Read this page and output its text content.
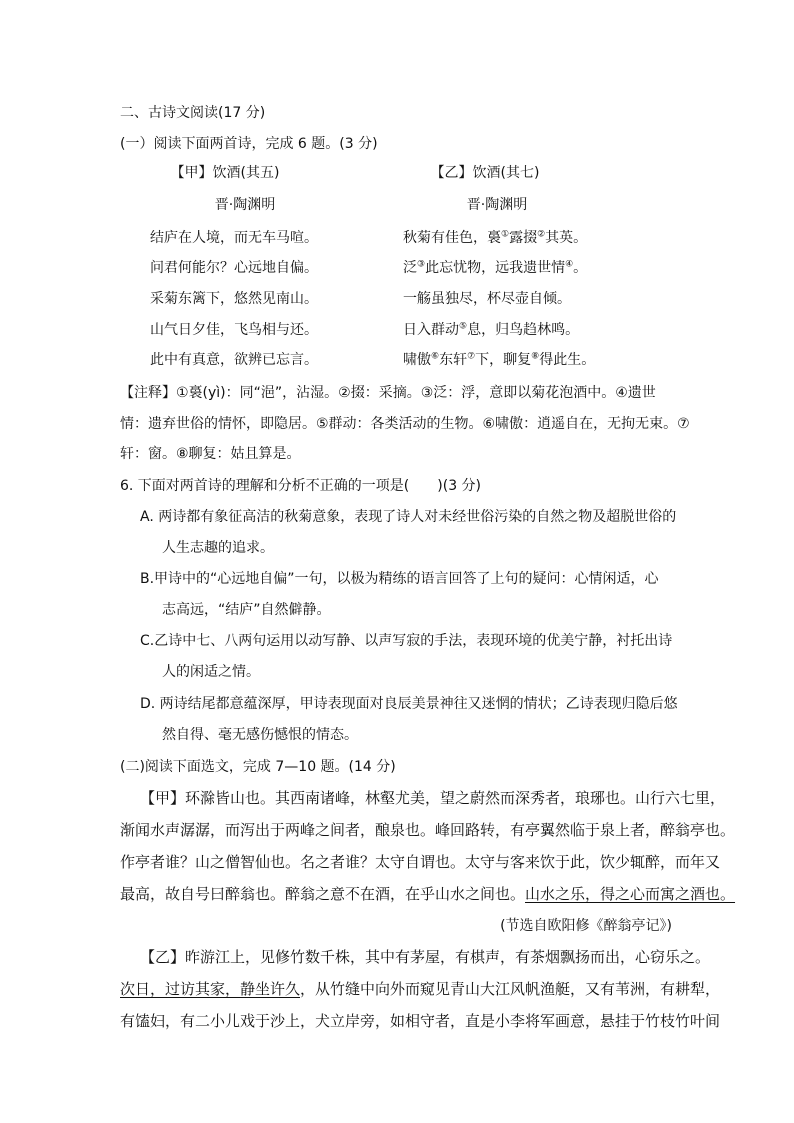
二、古诗文阅读(17 分)
(一）阅读下面两首诗，完成 6 题。(3 分)
【甲】饮酒(其五)
晋·陶渊明
结庐在人境，而无车马喧。
问君何能尔？心远地自偏。
采菊东篱下，悠然见南山。
山气日夕佳，飞鸟相与还。
此中有真意，欲辨已忘言。
【乙】饮酒(其七)
晋·陶渊明
秋菊有佳色，裛①露掇②其英。
泛③此忘忧物，远我遗世情④。
一觞虽独尽，杯尽壶自倾。
日入群动⑤息，归鸟趋林鸣。
啸傲⑥东轩⑦下，聊复⑧得此生。
【注释】①裛(yì)：同“浥”，沾湿。②掇：采摘。③泛：浮，意即以菊花泡酒中。④遗世
情：遗弃世俗的情怀，即隐居。⑤群动：各类活动的生物。⑥啸傲：逍遥自在，无拘无束。⑦
轩：窗。⑧聊复：姑且算是。
6. 下面对两首诗的理解和分析不正确的一项是(　　)(3 分)
A. 两诗都有象征高洁的秋菊意象，表现了诗人对未经世俗污染的自然之物及超脱世俗的
人生志趣的追求。
B.甲诗中的“心远地自偏”一句，以极为精练的语言回答了上句的疑问：心情闲适，心
志高远，“结庐”自然僻静。
C.乙诗中七、八两句运用以动写静、以声写寂的手法，表现环境的优美宁静，衬托出诗
人的闲适之情。
D. 两诗结尾都意蕴深厚，甲诗表现面对良辰美景神往又迷惘的情状；乙诗表现归隐后悠
然自得、毫无感伤憾恨的情态。
(二)阅读下面选文，完成 7—10 题。(14 分)
【甲】环滁皆山也。其西南诸峰，林壑尤美，望之蔚然而深秀者，琅琊也。山行六七里，
渐闻水声潺潺，而泻出于两峰之间者，酿泉也。峰回路转，有亭翼然临于泉上者，醉翁亭也。
作亭者谁？山之僧智仙也。名之者谁？太守自谓也。太守与客来饮于此，饮少辄醉，而年又
最高，故自号曰醉翁也。醉翁之意不在酒，在乎山水之间也。山水之乐，得之心而寓之酒也。
(节选自欧阳修《醉翁亭记》)
【乙】昨游江上，见修竹数千株，其中有茅屋，有棋声，有茶烟飘扬而出，心窃乐之。
次日，过访其家，静坐许久，从竹缝中向外而窥见青山大江风帆渔艇，又有苇洲，有耕犁，
有馌妇，有二小儿戏于沙上，犬立岸旁，如相守者，直是小李将军画意，悬挂于竹枝竹叶间
